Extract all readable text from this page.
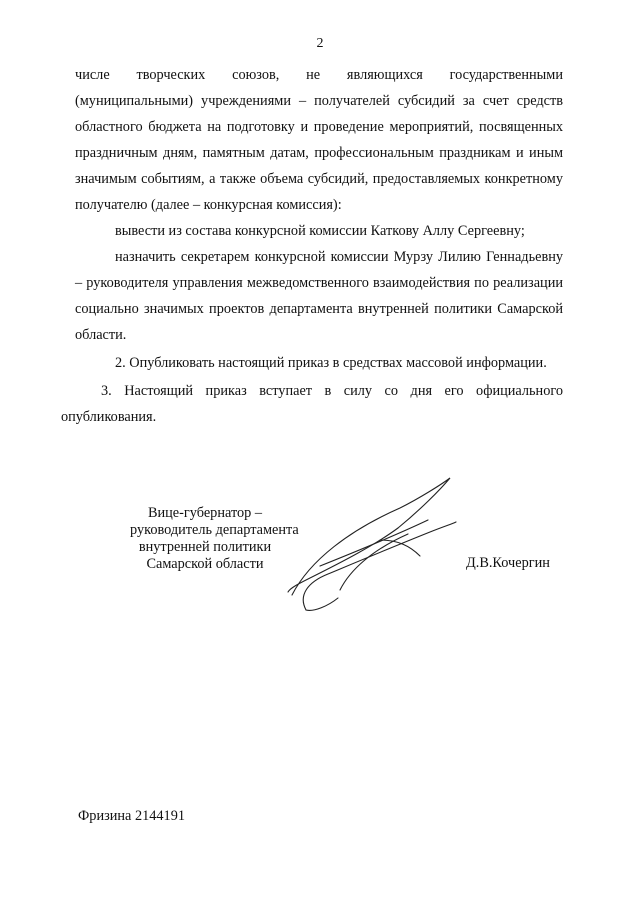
2

числе творческих союзов, не являющихся государственными (муниципальными) учреждениями – получателей субсидий за счет средств областного бюджета на подготовку и проведение мероприятий, посвященных праздничным дням, памятным датам, профессиональным праздникам и иным значимым событиям, а также объема субсидий, предоставляемых конкретному получателю (далее – конкурсная комиссия):

вывести из состава конкурсной комиссии Каткову Аллу Сергеевну;

назначить секретарем конкурсной комиссии Мурзу Лилию Геннадьевну – руководителя управления межведомственного взаимодействия по реализации социально значимых проектов департамента внутренней политики Самарской области.

2. Опубликовать настоящий приказ в средствах массовой информации.

3. Настоящий приказ вступает в силу со дня его официального опубликования.

Вице-губернатор –
руководитель департамента
внутренней политики
Самарской области	Д.В.Кочергин
Фризина 2144191
